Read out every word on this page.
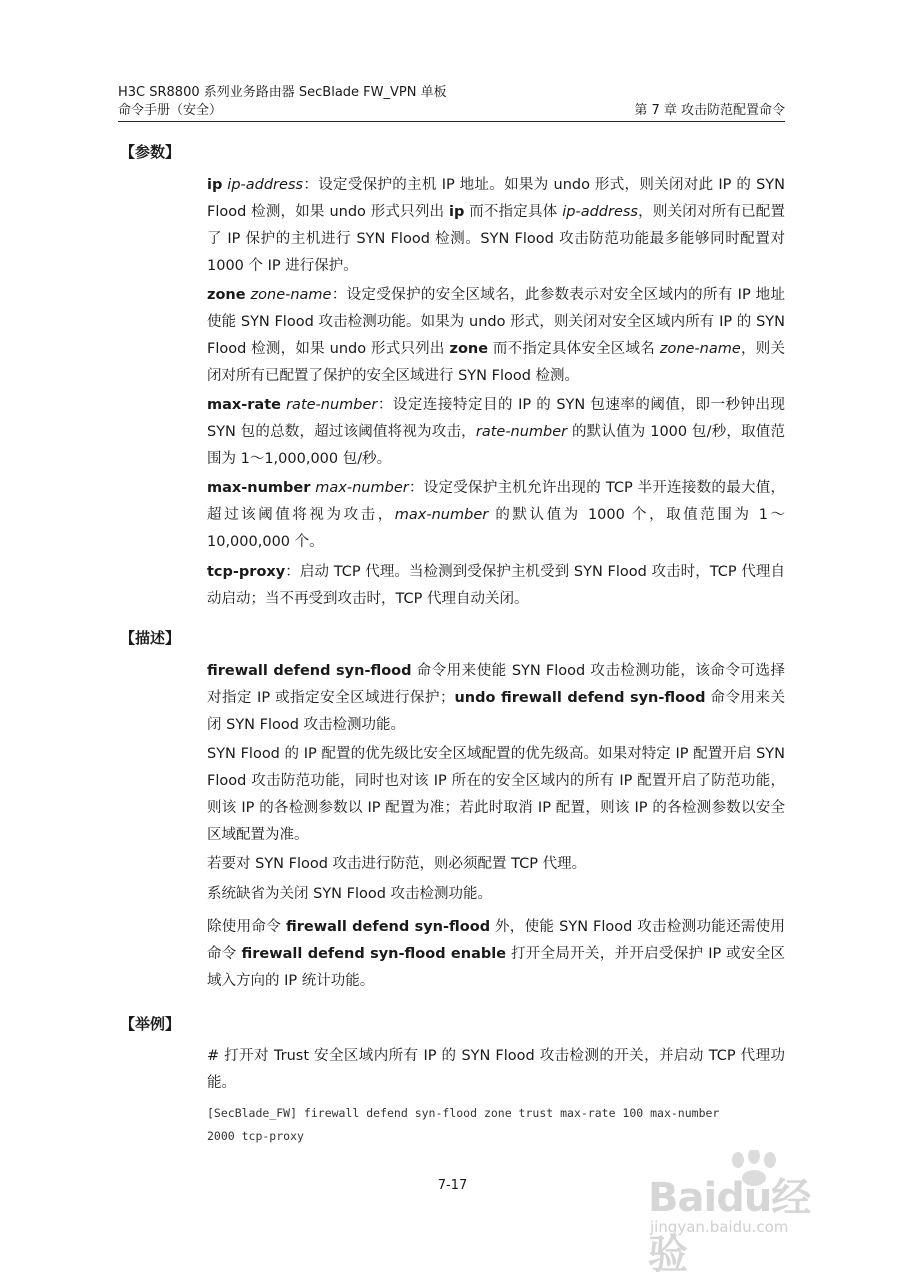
H3C SR8800 系列业务路由器 SecBlade FW_VPN 单板
命令手册（安全）	第 7 章 攻击防范配置命令
【参数】
ip ip-address：设定受保护的主机 IP 地址。如果为 undo 形式，则关闭对此 IP 的 SYN Flood 检测，如果 undo 形式只列出 ip 而不指定具体 ip-address，则关闭对所有已配置了 IP 保护的主机进行 SYN Flood 检测。SYN Flood 攻击防范功能最多能够同时配置对 1000 个 IP 进行保护。
zone zone-name：设定受保护的安全区域名，此参数表示对安全区域内的所有 IP 地址使能 SYN Flood 攻击检测功能。如果为 undo 形式，则关闭对安全区域内所有 IP 的 SYN Flood 检测，如果 undo 形式只列出 zone 而不指定具体安全区域名 zone-name，则关闭对所有已配置了保护的安全区域进行 SYN Flood 检测。
max-rate rate-number：设定连接特定目的 IP 的 SYN 包速率的阈值，即一秒钟出现 SYN 包的总数，超过该阈值将视为攻击，rate-number 的默认值为 1000 包/秒，取值范围为 1～1,000,000 包/秒。
max-number max-number：设定受保护主机允许出现的 TCP 半开连接数的最大值，超过该阈值将视为攻击，max-number 的默认值为 1000 个，取值范围为 1～10,000,000 个。
tcp-proxy：启动 TCP 代理。当检测到受保护主机受到 SYN Flood 攻击时，TCP 代理自动启动；当不再受到攻击时，TCP 代理自动关闭。
【描述】
firewall defend syn-flood 命令用来使能 SYN Flood 攻击检测功能，该命令可选择对指定 IP 或指定安全区域进行保护；undo firewall defend syn-flood 命令用来关闭 SYN Flood 攻击检测功能。
SYN Flood 的 IP 配置的优先级比安全区域配置的优先级高。如果对特定 IP 配置开启 SYN Flood 攻击防范功能，同时也对该 IP 所在的安全区域内的所有 IP 配置开启了防范功能，则该 IP 的各检测参数以 IP 配置为准；若此时取消 IP 配置，则该 IP 的各检测参数以安全区域配置为准。
若要对 SYN Flood 攻击进行防范，则必须配置 TCP 代理。
系统缺省为关闭 SYN Flood 攻击检测功能。
除使用命令 firewall defend syn-flood 外，使能 SYN Flood 攻击检测功能还需使用命令 firewall defend syn-flood enable 打开全局开关，并开启受保护 IP 或安全区域入方向的 IP 统计功能。
【举例】
# 打开对 Trust 安全区域内所有 IP 的 SYN Flood 攻击检测的开关，并启动 TCP 代理功能。
[SecBlade_FW] firewall defend syn-flood zone trust max-rate 100 max-number
2000 tcp-proxy
7-17	Baidu经验
jingyan.baidu.com
